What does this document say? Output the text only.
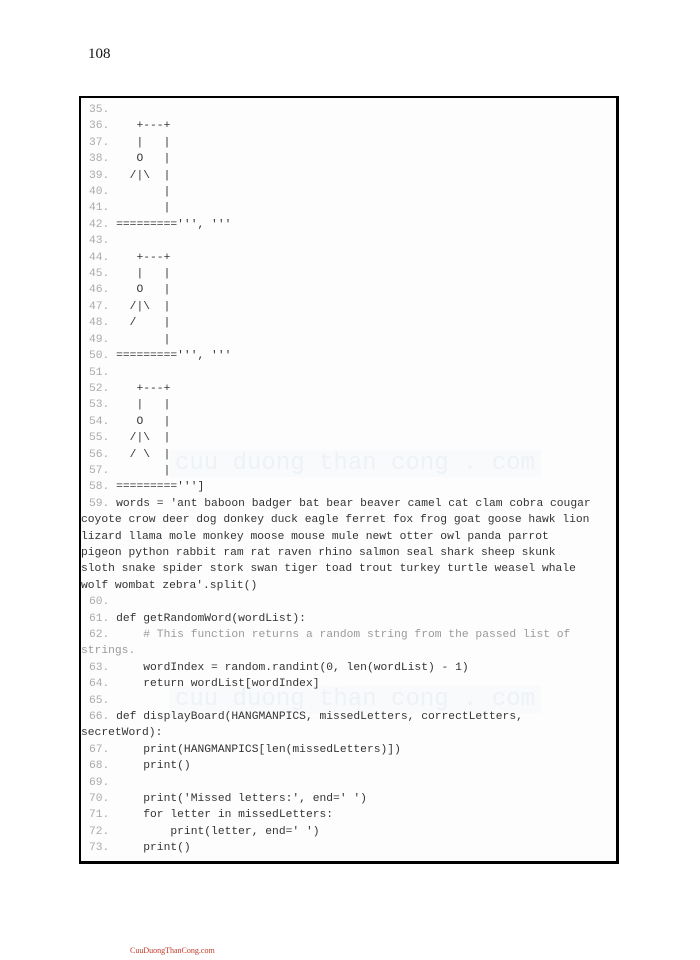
108
cuu duong than cong . com
cuu duong than cong . com
35.
36.    +---+
37.    |   |
38.    O   |
39.   /|\  |
40.        |
41.        |
42. =========''', '''
43.
44.    +---+
45.    |   |
46.    O   |
47.   /|\  |
48.   /    |
49.        |
50. =========''', '''
51.
52.    +---+
53.    |   |
54.    O   |
55.   /|\  |
56.   / \  |
57.        |
58. =========''']
59. words = 'ant baboon badger bat bear beaver camel cat clam cobra cougar
coyote crow deer dog donkey duck eagle ferret fox frog goat goose hawk lion
lizard llama mole monkey moose mouse mule newt otter owl panda parrot
pigeon python rabbit ram rat raven rhino salmon seal shark sheep skunk
sloth snake spider stork swan tiger toad trout turkey turtle weasel whale
wolf wombat zebra'.split()
60.
61. def getRandomWord(wordList):
62.     # This function returns a random string from the passed list of
strings.
63.     wordIndex = random.randint(0, len(wordList) - 1)
64.     return wordList[wordIndex]
65.
66. def displayBoard(HANGMANPICS, missedLetters, correctLetters,
secretWord):
67.     print(HANGMANPICS[len(missedLetters)])
68.     print()
69.
70.     print('Missed letters:', end=' ')
71.     for letter in missedLetters:
72.         print(letter, end=' ')
73.     print()
CuuDuongThanCong.com
